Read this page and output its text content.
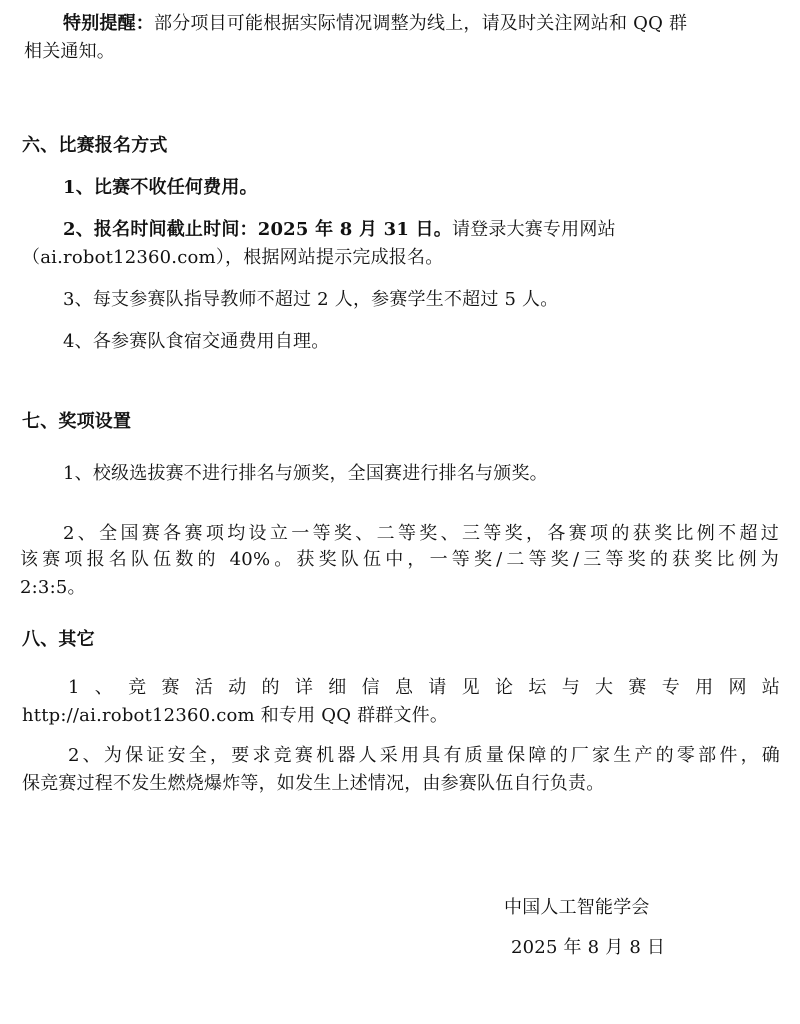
特别提醒：部分项目可能根据实际情况调整为线上，请及时关注网站和 QQ 群
相关通知。
六、比赛报名方式
1、比赛不收任何费用。
2、报名时间截止时间：2025 年 8 月 31 日。请登录大赛专用网站
（ai.robot12360.com），根据网站提示完成报名。
3、每支参赛队指导教师不超过 2 人，参赛学生不超过 5 人。
4、各参赛队食宿交通费用自理。
七、奖项设置
1、校级选拔赛不进行排名与颁奖，全国赛进行排名与颁奖。
2、全国赛各赛项均设立一等奖、二等奖、三等奖，各赛项的获奖比例不超过
该赛项报名队伍数的 40%。获奖队伍中，一等奖/二等奖/三等奖的获奖比例为
2:3:5。
八、其它
1、竞赛活动的详细信息请见论坛与大赛专用网站
http://ai.robot12360.com 和专用 QQ 群群文件。
2、为保证安全，要求竞赛机器人采用具有质量保障的厂家生产的零部件，确
保竞赛过程不发生燃烧爆炸等，如发生上述情况，由参赛队伍自行负责。
中国人工智能学会
2025 年 8 月 8 日
